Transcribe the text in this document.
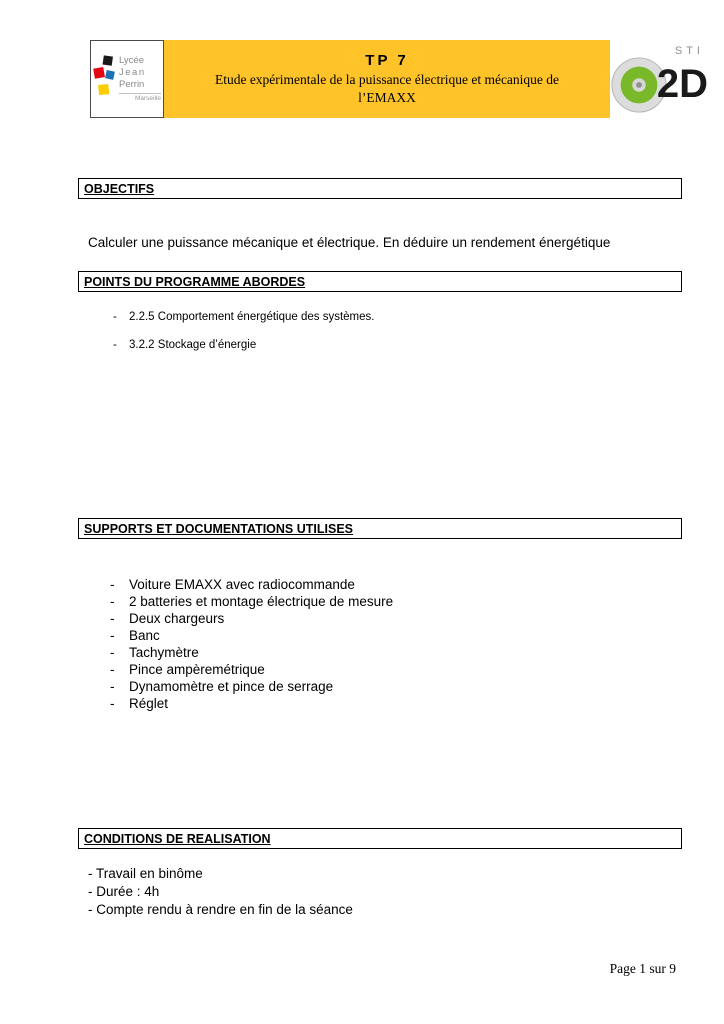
Lycée
Jean
Perrin
Marseille
TP 7
Etude expérimentale de la puissance électrique et mécanique de
l’EMAXX
STI
2D
OBJECTIFS

Calculer une puissance mécanique et électrique. En déduire un rendement énergétique

POINTS DU PROGRAMME ABORDES
-	2.2.5 Comportement énergétique des systèmes.
-	3.2.2 Stockage d’énergie
SUPPORTS ET DOCUMENTATIONS UTILISES
-	Voiture EMAXX avec radiocommande
-	2 batteries et montage électrique de mesure
-	Deux chargeurs
-	Banc
-	Tachymètre
-	Pince ampèremétrique
-	Dynamomètre et pince de serrage
-	Réglet
CONDITIONS DE REALISATION
- Travail en binôme
- Durée : 4h
- Compte rendu à rendre en fin de la séance
Page 1 sur 9
